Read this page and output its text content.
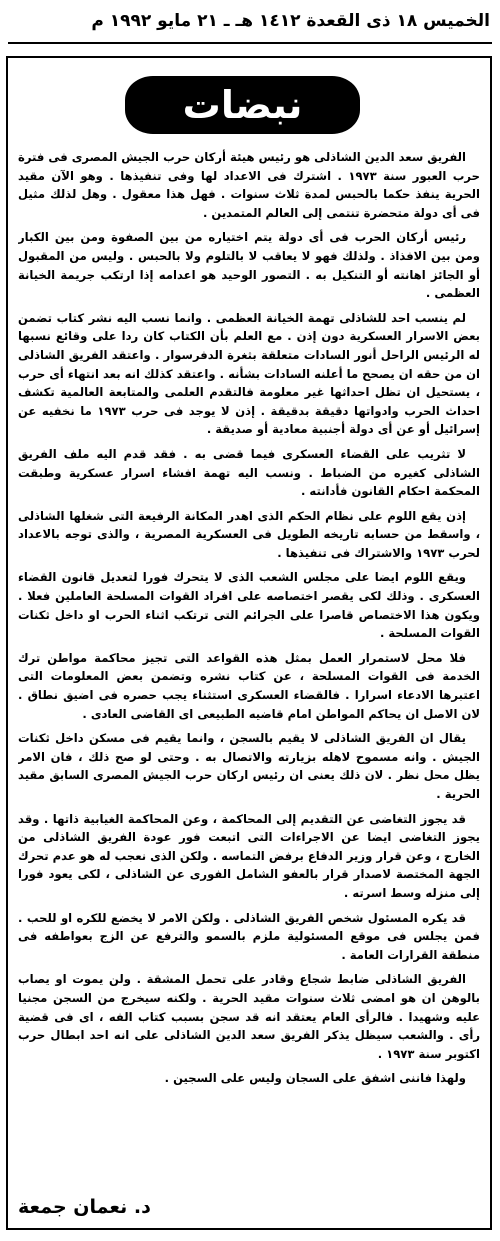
الخميس ١٨ ذى القعدة ١٤١٢ هـ ـ ٢١ مايو ١٩٩٢ م
نبضات

الفريق سعد الدين الشاذلى هو رئيس هيئة أركان حرب الجيش المصرى فى فترة حرب العبور سنة ١٩٧٣ . اشترك فى الاعداد لها وفى تنفيذها . وهو الآن مقيد الحرية ينفذ حكما بالحبس لمدة ثلاث سنوات . فهل هذا معقول . وهل لذلك مثيل فى أى دولة متحضرة تنتمى إلى العالم المتمدين .

رئيس أركان الحرب فى أى دولة يتم اختياره من بين الصفوة ومن بين الكبار ومن بين الافذاذ . ولذلك فهو لا يعاقب لا بالتلوم ولا بالحبس . وليس من المقبول أو الجائز اهانته أو التنكيل به . التصور الوحيد هو اعدامه إذا ارتكب جريمة الخيانة العظمى .

لم ينسب احد للشاذلى تهمة الخيانة العظمى . وانما نسب اليه نشر كتاب تضمن بعض الاسرار العسكرية دون إذن . مع العلم بأن الكتاب كان ردا على وقائع نسبها له الرئيس الراحل أنور السادات متعلقة بثغرة الدفرسوار . واعتقد الفريق الشاذلى ان من حقه ان يصحح ما أعلنه السادات بشأنه . واعتقد كذلك انه بعد انتهاء أى حرب ، يستحيل ان تظل احداثها غير معلومة فالتقدم العلمى والمتابعة العالمية تكشف احداث الحرب وادواتها دقيقة بدقيقة . إذن لا يوجد فى حرب ١٩٧٣ ما نخفيه عن إسرائيل أو عن أى دولة أجنبية معادية أو صديقة .

لا تثريب على القضاء العسكرى فيما قضى به . فقد قدم اليه ملف الفريق الشاذلى كغيره من الضباط . ونسب اليه تهمة افشاء اسرار عسكرية وطبقت المحكمة احكام القانون فأدانته .

إذن يقع اللوم على نظام الحكم الذى اهدر المكانة الرفيعة التى شغلها الشاذلى ، واسقط من حسابه تاريخه الطويل فى العسكرية المصرية ، والذى توجه بالاعداد لحرب ١٩٧٣ والاشتراك فى تنفيذها .

ويقع اللوم ايضا على مجلس الشعب الذى لا يتحرك فورا لتعديل قانون القضاء العسكرى . وذلك لكى يقصر اختصاصه على افراد القوات المسلحة العاملين فعلا . ويكون هذا الاختصاص قاصرا على الجرائم التى ترتكب اثناء الحرب او داخل ثكنات القوات المسلحة .

فلا محل لاستمرار العمل بمثل هذه القواعد التى تجيز محاكمة مواطن ترك الخدمة فى القوات المسلحة ، عن كتاب نشره وتضمن بعض المعلومات التى اعتبرها الادعاء اسرارا . فالقضاء العسكرى استثناء يجب حصره فى اضيق نطاق . لان الاصل ان يحاكم المواطن امام قاضيه الطبيعى اى القاضى العادى .

يقال ان الفريق الشاذلى لا يقيم بالسجن ، وانما يقيم فى مسكن داخل ثكنات الجيش . وانه مسموح لاهله بزيارته والاتصال به . وحتى لو صح ذلك ، فان الامر يظل محل نظر . لان ذلك يعنى ان رئيس اركان حرب الجيش المصرى السابق مقيد الحرية .

قد يجوز التغاضى عن التقديم إلى المحاكمة ، وعن المحاكمة الغيابية ذاتها . وقد يجوز التغاضى ايضا عن الاجراءات التى اتبعت فور عودة الفريق الشاذلى من الخارج ، وعن قرار وزير الدفاع برفض التماسه . ولكن الذى نعجب له هو عدم تحرك الجهة المختصة لاصدار قرار بالعفو الشامل الفورى عن الشاذلى ، لكى يعود فورا إلى منزله وسط اسرته .

قد يكره المسئول شخص الفريق الشاذلى . ولكن الامر لا يخضع للكره او للحب . فمن يجلس فى موقع المسئولية ملزم بالسمو والترفع عن الزج بعواطفه فى منطقة القرارات العامة .

الفريق الشاذلى ضابط شجاع وقادر على تحمل المشقة . ولن يموت او يصاب بالوهن ان هو امضى ثلاث سنوات مقيد الحرية . ولكنه سيخرج من السجن مجنيا عليه وشهيدا . فالرأى العام يعتقد انه قد سجن بسبب كتاب الفه ، اى فى قضية رأى . والشعب سيظل يذكر الفريق سعد الدين الشاذلى على انه احد ابطال حرب اكتوبر سنة ١٩٧٣ .

ولهذا فاننى اشفق على السجان وليس على السجين .

د. نعمان جمعة
